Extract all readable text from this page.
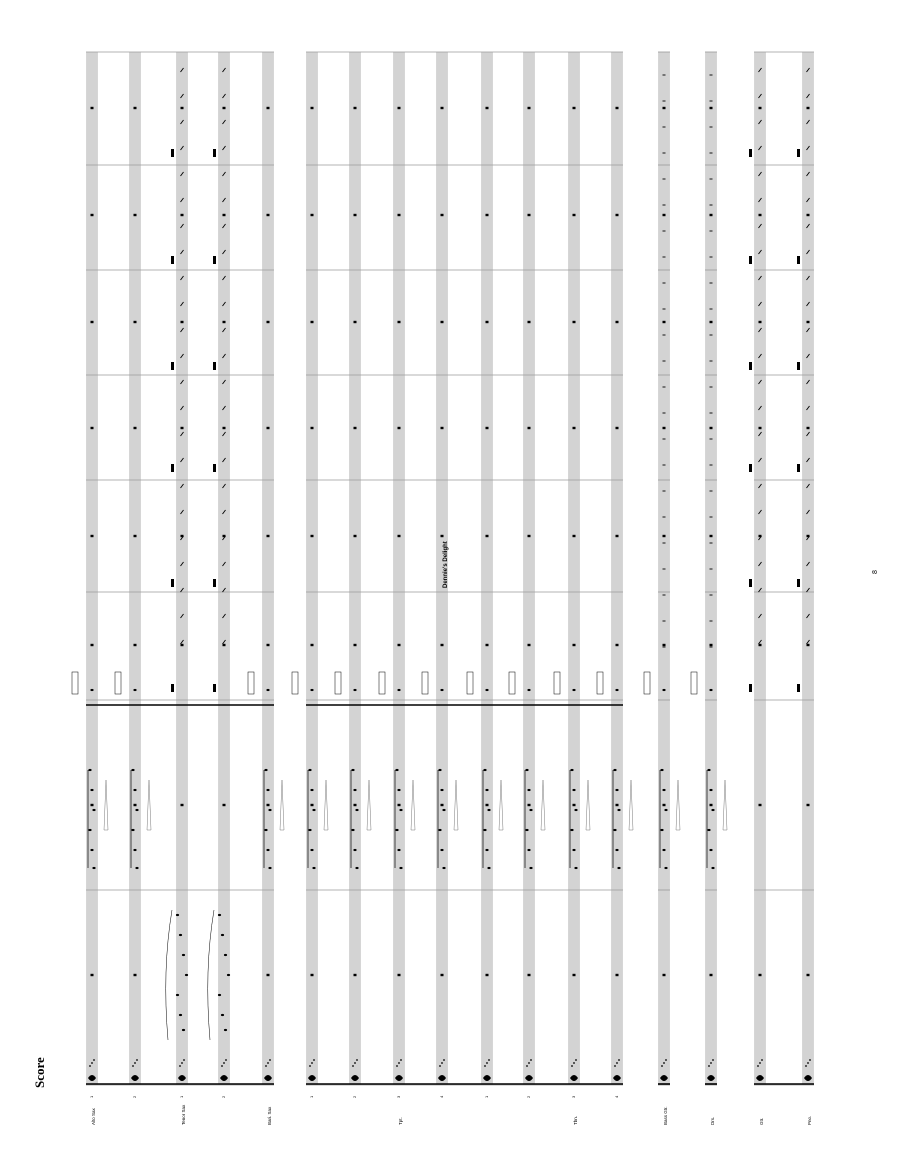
Alto Sax
1	2
Tenor Sax
1	2
Bari. Sax
1	2
Tpt.
3	4	1	2
Tbn.
3	4
Bass Gtr.	Drs.	Gtr.	Pno.
Score
Dennie's Delight	8
